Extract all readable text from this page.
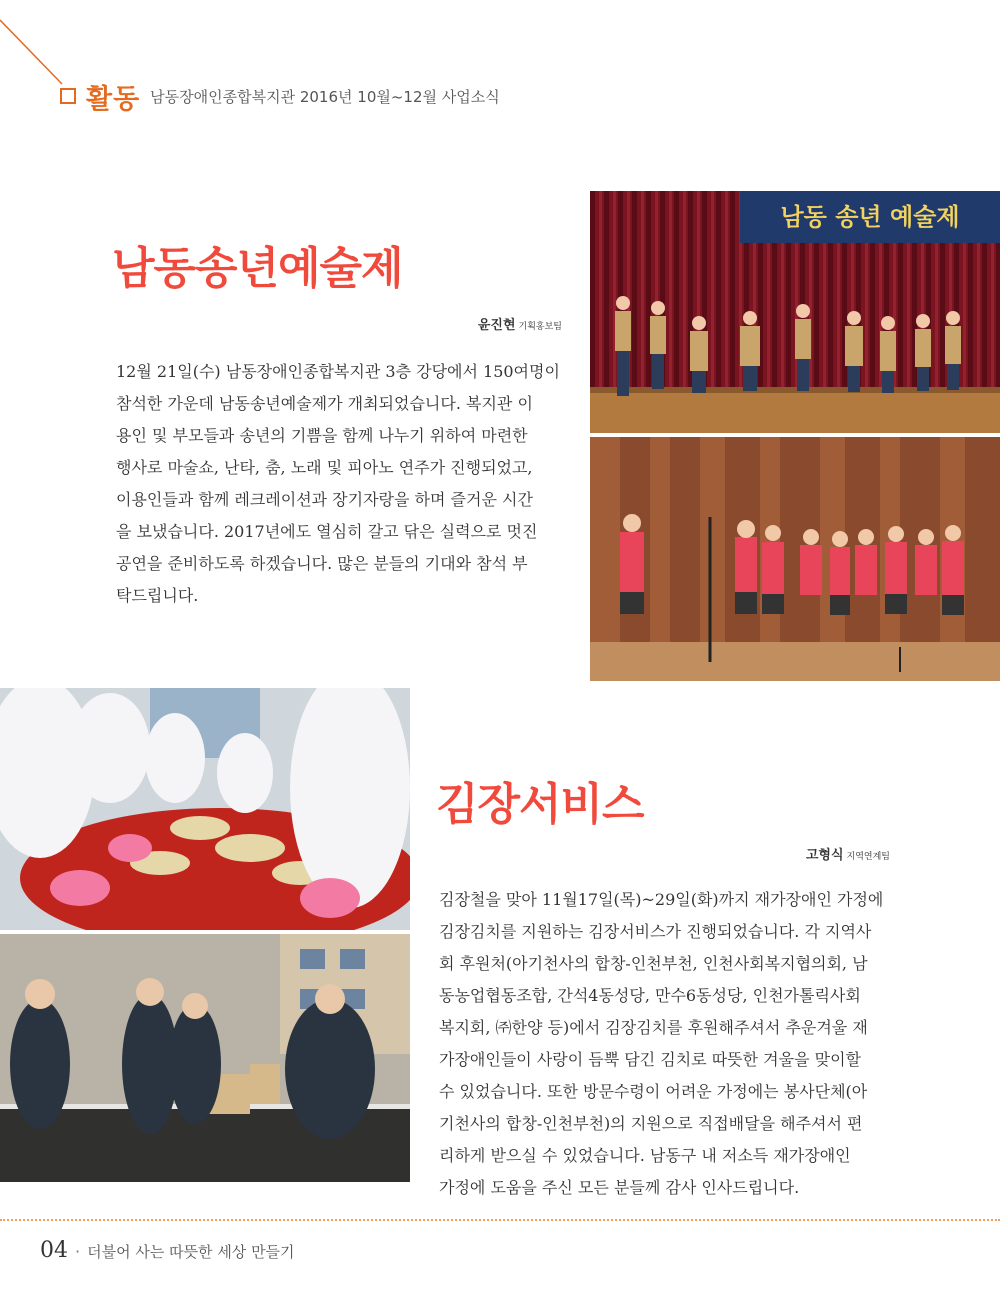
활동 남동장애인종합복지관 2016년 10월~12월 사업소식
남동송년예술제
윤진현 기획홍보팀
12월 21일(수) 남동장애인종합복지관 3층 강당에서 150여명이
참석한 가운데 남동송년예술제가 개최되었습니다. 복지관 이
용인 및 부모들과 송년의 기쁨을 함께 나누기 위하여 마련한
행사로 마술쇼, 난타, 춤, 노래 및 피아노 연주가 진행되었고,
이용인들과 함께 레크레이션과 장기자랑을 하며 즐거운 시간
을 보냈습니다. 2017년에도 열심히 갈고 닦은 실력으로 멋진
공연을 준비하도록 하겠습니다. 많은 분들의 기대와 참석 부
탁드립니다.
남동 송년 예술제
김장서비스
고형식 지역연계팀
김장철을 맞아 11월17일(목)~29일(화)까지 재가장애인 가정에
김장김치를 지원하는 김장서비스가 진행되었습니다. 각 지역사
회 후원처(아기천사의 합창-인천부천, 인천사회복지협의회, 남
동농업협동조합, 간석4동성당, 만수6동성당, 인천가톨릭사회
복지회, ㈜한양 등)에서 김장김치를 후원해주셔서 추운겨울 재
가장애인들이 사랑이 듬뿍 담긴 김치로 따뜻한 겨울을 맞이할
수 있었습니다. 또한 방문수령이 어려운 가정에는 봉사단체(아
기천사의 합창-인천부천)의 지원으로 직접배달을 해주셔서 편
리하게 받으실 수 있었습니다. 남동구 내 저소득 재가장애인
가정에 도움을 주신 모든 분들께 감사 인사드립니다.
04 · 더불어 사는 따뜻한 세상 만들기
